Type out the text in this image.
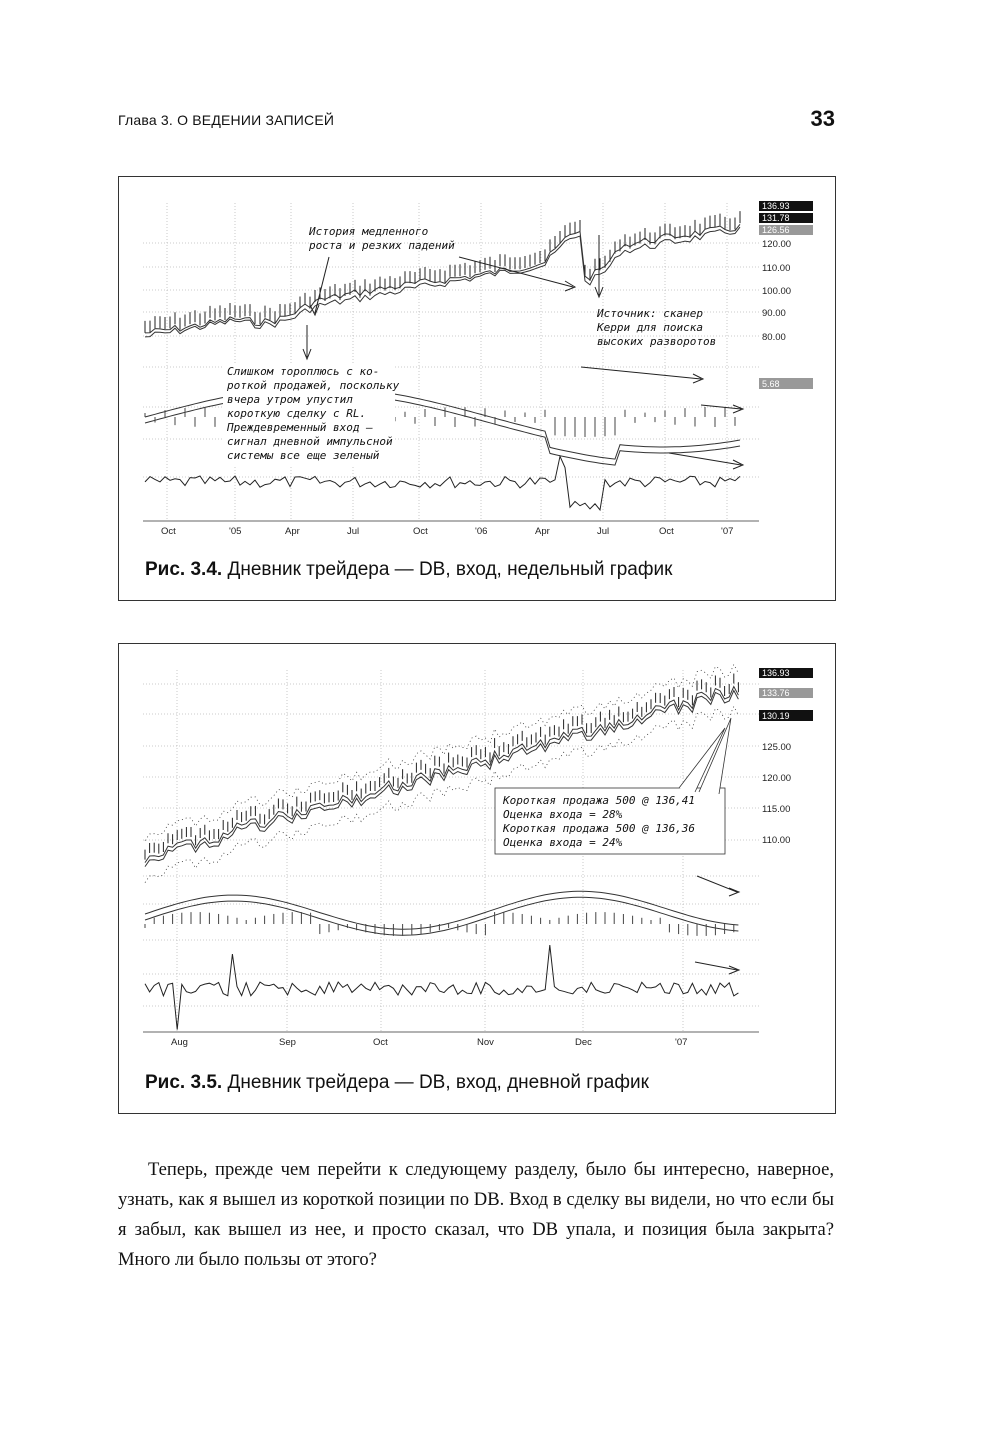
Глава 3. О ВЕДЕНИИ ЗАПИСЕЙ	33
120.00
110.00
100.00
90.00
80.00
136.93
131.78
126.56
5.68
Oct	'05	Apr	Jul	Oct	'06	Apr	Jul	Oct	'07
История медленного
роста и резких падений
Источник: сканер
Керри для поиска
высоких разворотов
Слишком тороплюсь с ко-
роткой продажей, поскольку
вчера утром упустил
короткую сделку с RL.
Преждевременный вход —
сигнал дневной импульсной
системы все еще зеленый
Рис. 3.4. Дневник трейдера — DB, вход, недельный график
125.00
120.00
115.00
110.00
136.93
133.76
130.19
Aug	Sep	Oct	Nov	Dec	'07
Короткая продажа 500 @ 136,41
Оценка входа = 28%
Короткая продажа 500 @ 136,36
Оценка входа = 24%
Рис. 3.5. Дневник трейдера — DB, вход, дневной график

Теперь, прежде чем перейти к следующему разделу, было бы интересно, наверное, узнать, как я вышел из короткой позиции по DB. Вход в сделку вы видели, но что если бы я забыл, как вышел из нее, и просто сказал, что DB упала, и позиция была закрыта? Много ли было пользы от этого?
